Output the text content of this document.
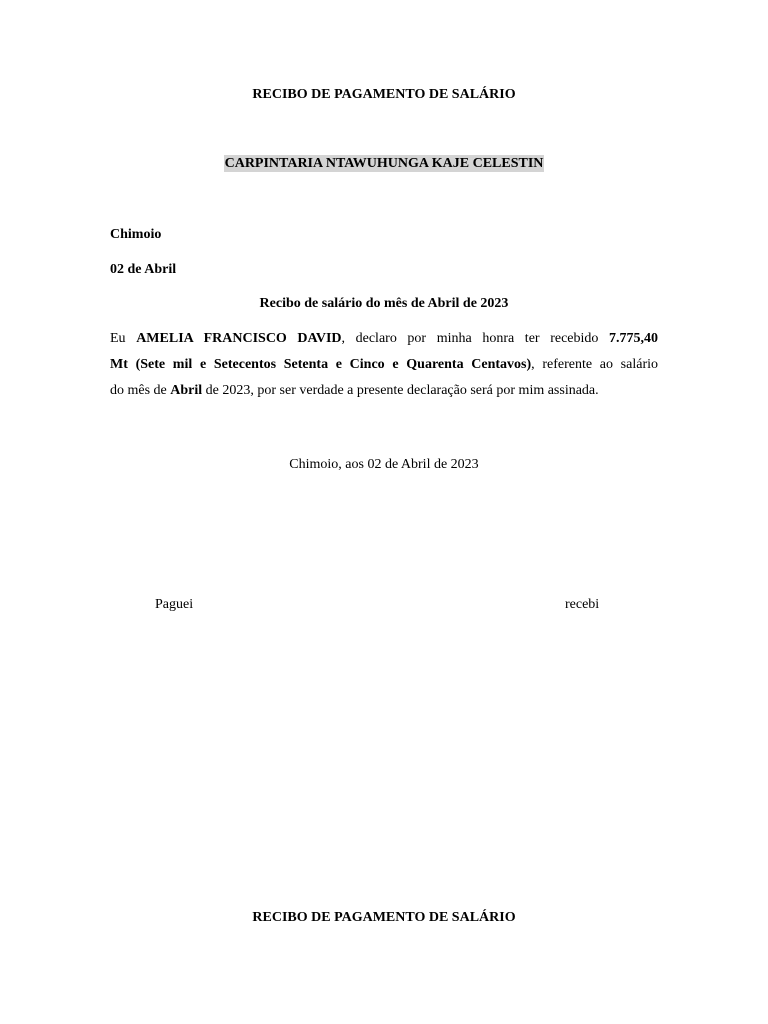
RECIBO DE PAGAMENTO DE SALÁRIO
CARPINTARIA NTAWUHUNGA KAJE CELESTIN
Chimoio
02 de Abril
Recibo de salário do mês de Abril de 2023
Eu AMELIA FRANCISCO DAVID, declaro por minha honra ter recebido 7.775,40
Mt (Sete mil e Setecentos Setenta e Cinco e Quarenta Centavos), referente ao salário
do mês de Abril de 2023, por ser verdade a presente declaração será por mim assinada.
Chimoio, aos 02 de Abril de 2023
Paguei	recebi
RECIBO DE PAGAMENTO DE SALÁRIO
